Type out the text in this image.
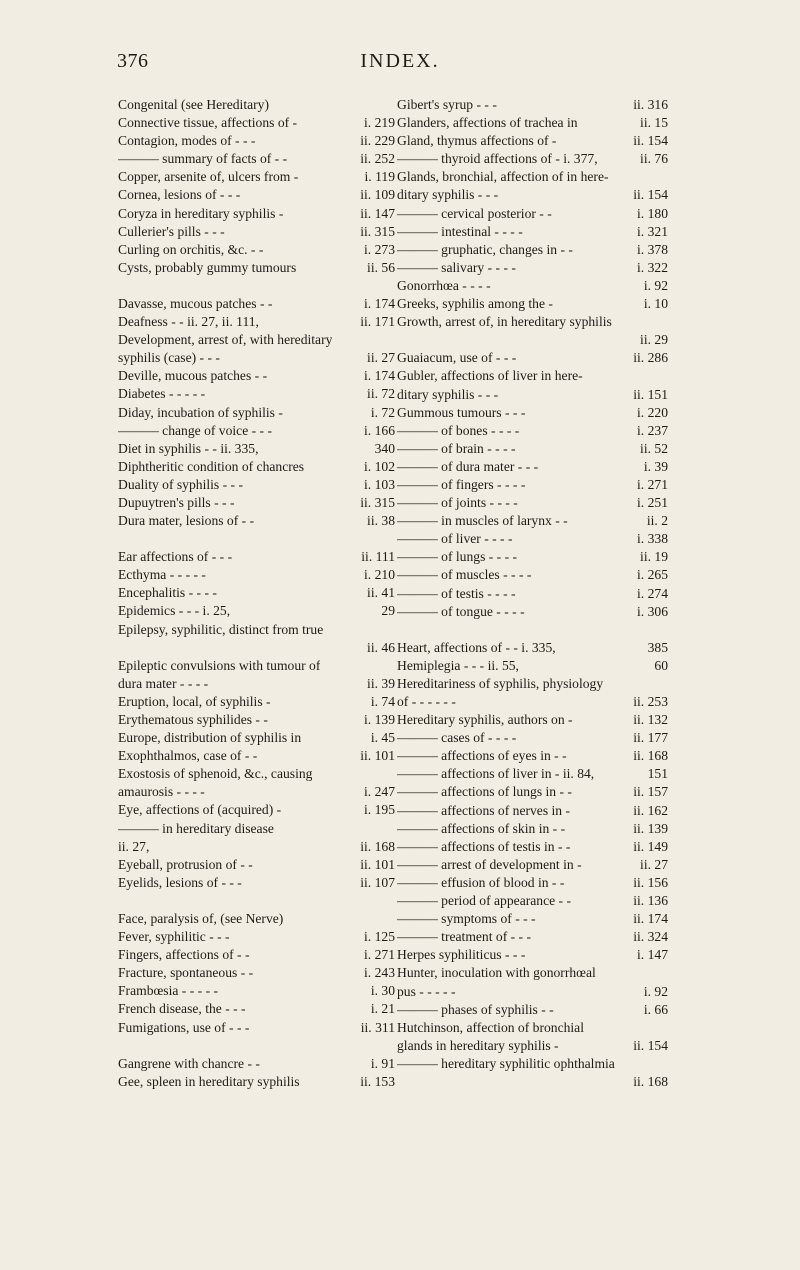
376	INDEX.
Congenital (see Hereditary)
Connective tissue, affections of -	i. 219
Contagion, modes of - - -	ii. 229
——— summary of facts of - -	ii. 252
Copper, arsenite of, ulcers from -	i. 119
Cornea, lesions of - - -	ii. 109
Coryza in hereditary syphilis -	ii. 147
Cullerier's pills - - -	ii. 315
Curling on orchitis, &c. - -	i. 273
Cysts, probably gummy tumours	ii. 56
Davasse, mucous patches - -	i. 174
Deafness - - ii. 27, ii. 111,	ii. 171
Development, arrest of, with hereditary
syphilis (case) - - -	ii. 27
Deville, mucous patches - -	i. 174
Diabetes - - - - -	ii. 72
Diday, incubation of syphilis -	i. 72
——— change of voice - - -	i. 166
Diet in syphilis - - ii. 335,	340
Diphtheritic condition of chancres	i. 102
Duality of syphilis - - -	i. 103
Dupuytren's pills - - -	ii. 315
Dura mater, lesions of - -	ii. 38
Ear affections of - - -	ii. 111
Ecthyma - - - - -	i. 210
Encephalitis - - - -	ii. 41
Epidemics - - - i. 25,	29
Epilepsy, syphilitic, distinct from true
ii. 46
Epileptic convulsions with tumour of
dura mater - - - -	ii. 39
Eruption, local, of syphilis -	i. 74
Erythematous syphilides - -	i. 139
Europe, distribution of syphilis in	i. 45
Exophthalmos, case of - -	ii. 101
Exostosis of sphenoid, &c., causing
amaurosis - - - -	i. 247
Eye, affections of (acquired) -	i. 195
——— in hereditary disease
ii. 27,	ii. 168
Eyeball, protrusion of - -	ii. 101
Eyelids, lesions of - - -	ii. 107
Face, paralysis of, (see Nerve)
Fever, syphilitic - - -	i. 125
Fingers, affections of - -	i. 271
Fracture, spontaneous - -	i. 243
Frambœsia - - - - -	i. 30
French disease, the - - -	i. 21
Fumigations, use of - - -	ii. 311
Gangrene with chancre - -	i. 91
Gee, spleen in hereditary syphilis	ii. 153
Gibert's syrup - - -	ii. 316
Glanders, affections of trachea in	ii. 15
Gland, thymus affections of -	ii. 154
——— thyroid affections of - i. 377,	ii. 76
Glands, bronchial, affection of in here-
ditary syphilis - - -	ii. 154
——— cervical posterior - -	i. 180
——— intestinal - - - -	i. 321
——— gruphatic, changes in - -	i. 378
——— salivary - - - -	i. 322
Gonorrhœa - - - -	i. 92
Greeks, syphilis among the -	i. 10
Growth, arrest of, in hereditary syphilis
ii. 29
Guaiacum, use of - - -	ii. 286
Gubler, affections of liver in here-
ditary syphilis - - -	ii. 151
Gummous tumours - - -	i. 220
——— of bones - - - -	i. 237
——— of brain - - - -	ii. 52
——— of dura mater - - -	i. 39
——— of fingers - - - -	i. 271
——— of joints - - - -	i. 251
——— in muscles of larynx - -	ii. 2
——— of liver - - - -	i. 338
——— of lungs - - - -	ii. 19
——— of muscles - - - -	i. 265
——— of testis - - - -	i. 274
——— of tongue - - - -	i. 306
Heart, affections of - - i. 335,	385
Hemiplegia - - - ii. 55,	60
Hereditariness of syphilis, physiology
of - - - - - -	ii. 253
Hereditary syphilis, authors on -	ii. 132
——— cases of - - - -	ii. 177
——— affections of eyes in - -	ii. 168
——— affections of liver in - ii. 84,	151
——— affections of lungs in - -	ii. 157
——— affections of nerves in -	ii. 162
——— affections of skin in - -	ii. 139
——— affections of testis in - -	ii. 149
——— arrest of development in -	ii. 27
——— effusion of blood in - -	ii. 156
——— period of appearance - -	ii. 136
——— symptoms of - - -	ii. 174
——— treatment of - - -	ii. 324
Herpes syphiliticus - - -	i. 147
Hunter, inoculation with gonorrhœal
pus - - - - -	i. 92
——— phases of syphilis - -	i. 66
Hutchinson, affection of bronchial
glands in hereditary syphilis -	ii. 154
——— hereditary syphilitic ophthalmia
ii. 168
